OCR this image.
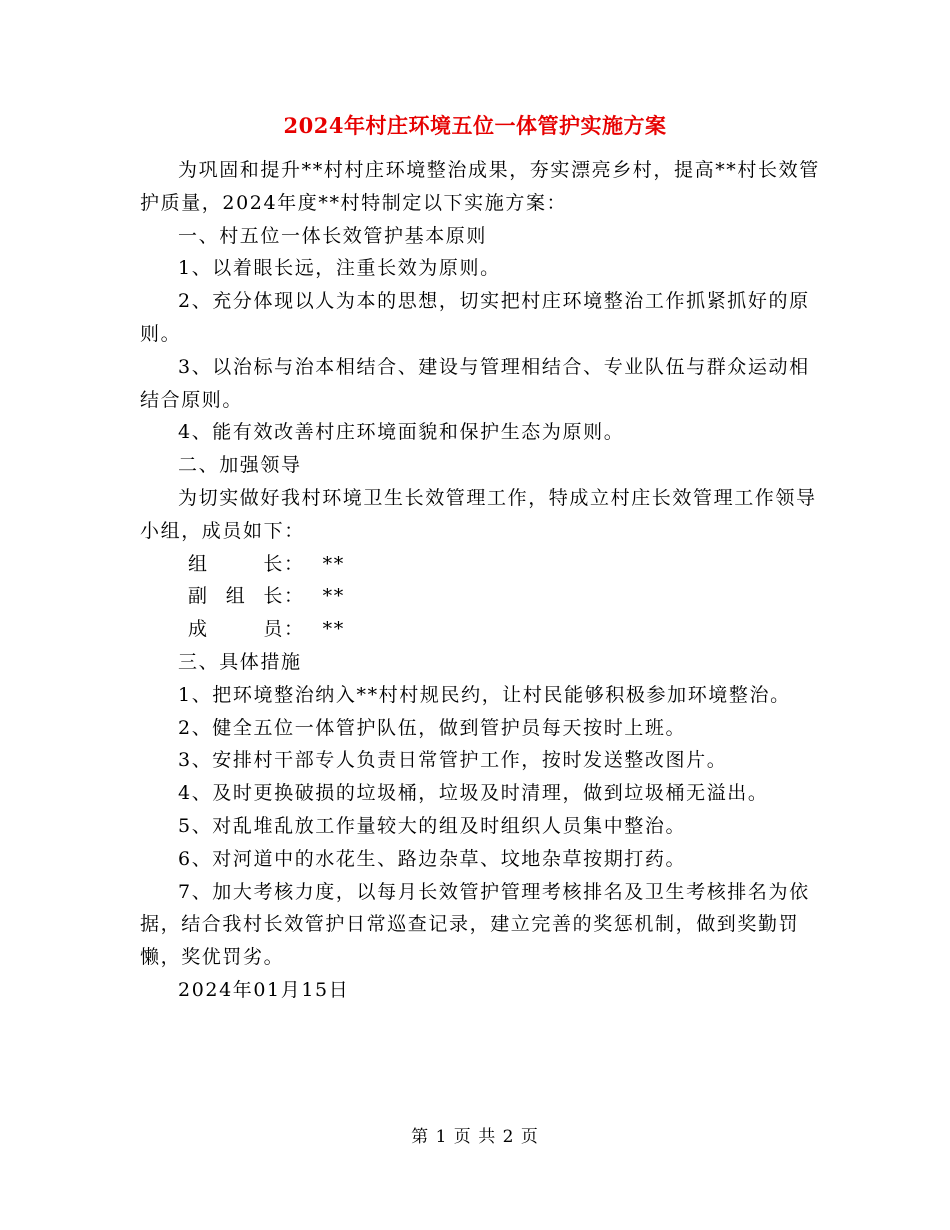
2024年村庄环境五位一体管护实施方案

为巩固和提升**村村庄环境整治成果，夯实漂亮乡村，提高**村长效管护质量，2024年度**村特制定以下实施方案：

一、村五位一体长效管护基本原则

1、以着眼长远，注重长效为原则。

2、充分体现以人为本的思想，切实把村庄环境整治工作抓紧抓好的原则。

3、以治标与治本相结合、建设与管理相结合、专业队伍与群众运动相结合原则。

4、能有效改善村庄环境面貌和保护生态为原则。

二、加强领导

为切实做好我村环境卫生长效管理工作，特成立村庄长效管理工作领导小组，成员如下：

组长： **

副组长： **

成员： **

三、具体措施

1、把环境整治纳入**村村规民约，让村民能够积极参加环境整治。

2、健全五位一体管护队伍，做到管护员每天按时上班。

3、安排村干部专人负责日常管护工作，按时发送整改图片。

4、及时更换破损的垃圾桶，垃圾及时清理，做到垃圾桶无溢出。

5、对乱堆乱放工作量较大的组及时组织人员集中整治。

6、对河道中的水花生、路边杂草、坟地杂草按期打药。

7、加大考核力度，以每月长效管护管理考核排名及卫生考核排名为依据，结合我村长效管护日常巡查记录，建立完善的奖惩机制，做到奖勤罚懒，奖优罚劣。

2024年01月15日

第 1 页 共 2 页
